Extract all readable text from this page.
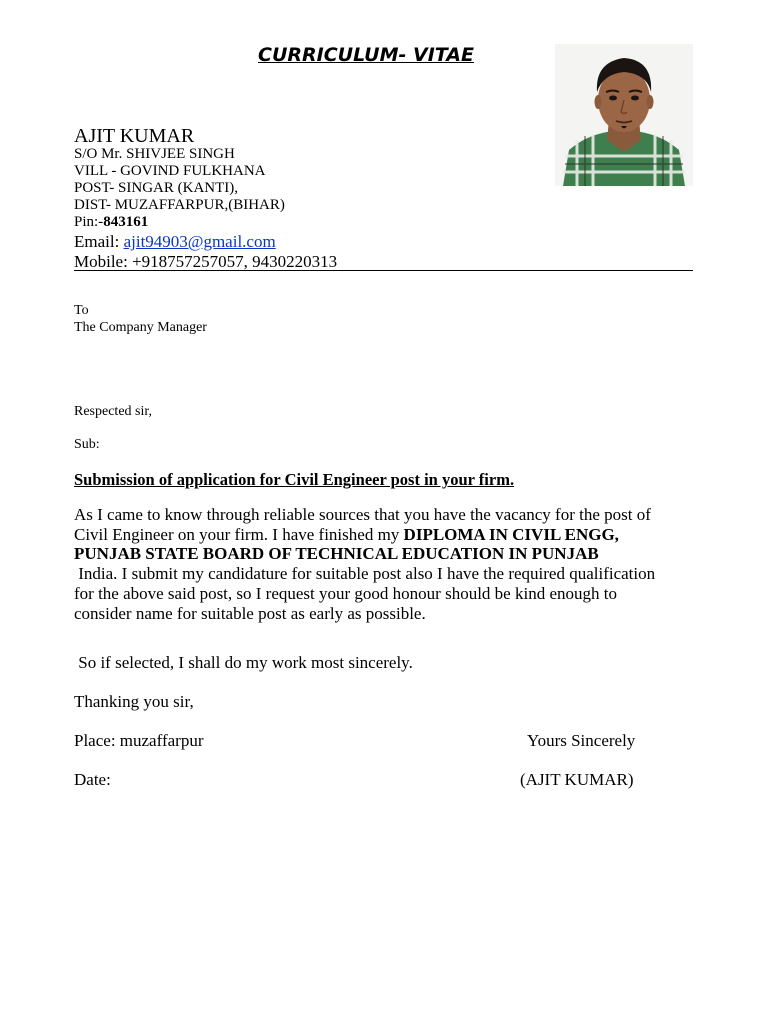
CURRICULUM- VITAE
AJIT KUMAR
S/O Mr. SHIVJEE SINGH
VILL - GOVIND FULKHANA
POST- SINGAR (KANTI),
DIST- MUZAFFARPUR,(BIHAR)
Pin:-843161
Email: ajit94903@gmail.com
Mobile: +918757257057, 9430220313
To
The Company Manager
Respected sir,
Sub:
Submission of application for Civil Engineer post in your firm.
As I came to know through reliable sources that you have the vacancy for the post of
Civil Engineer on your firm. I have finished my DIPLOMA IN CIVIL ENGG,
PUNJAB STATE BOARD OF TECHNICAL EDUCATION IN PUNJAB
India. I submit my candidature for suitable post also I have the required qualification
for the above said post, so I request your good honour should be kind enough to
consider name for suitable post as early as possible.
So if selected, I shall do my work most sincerely.
Thanking you sir,
Place: muzaffarpur	Yours Sincerely
Date:	(AJIT KUMAR)
